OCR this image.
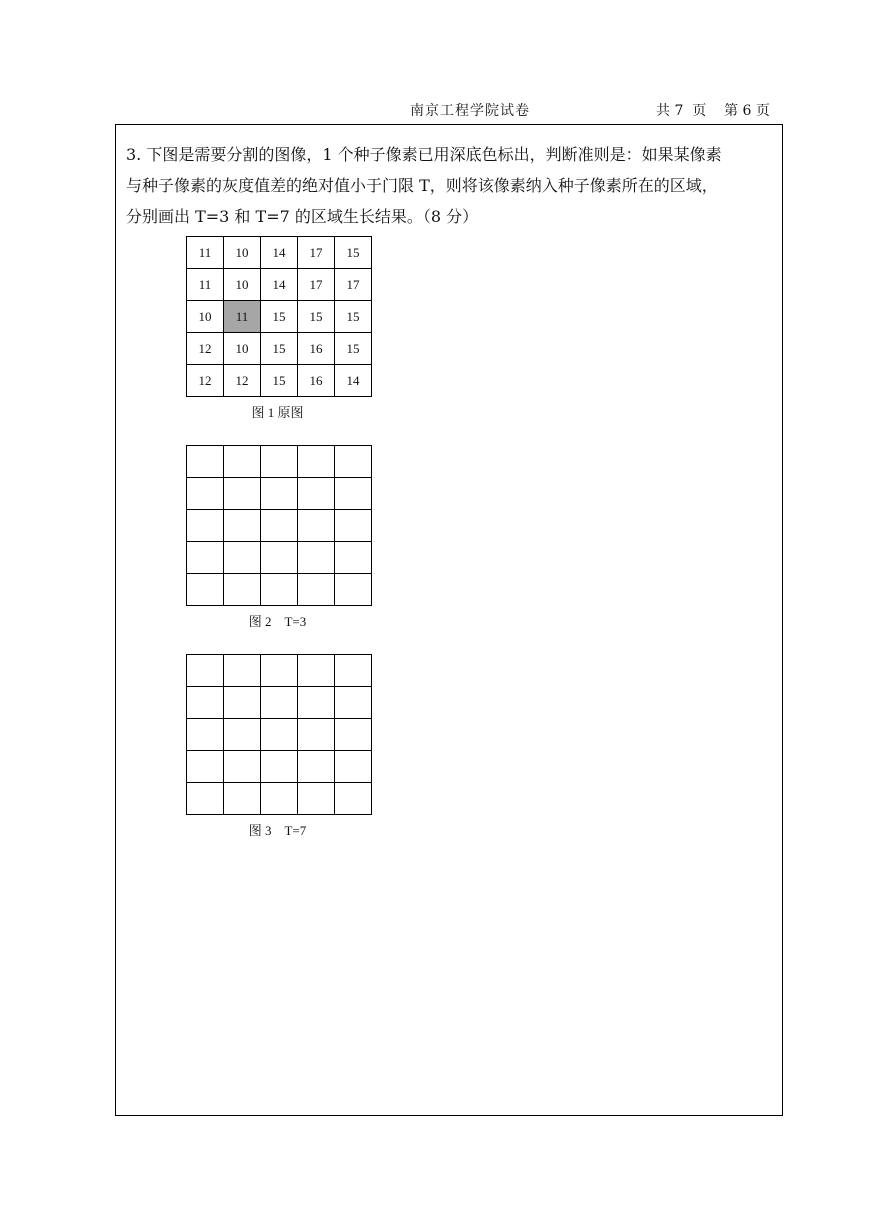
南京工程学院试卷	共 7  页    第 6 页

3. 下图是需要分割的图像，1 个种子像素已用深底色标出，判断准则是：如果某像素

与种子像素的灰度值差的绝对值小于门限 T，则将该像素纳入种子像素所在的区域，

分别画出 T=3 和 T=7 的区域生长结果。（8 分）

11	10	14	17	15
11	10	14	17	17
10	11	15	15	15
12	10	15	16	15
12	12	15	16	14
图 1 原图

图 2    T=3

图 3    T=7
